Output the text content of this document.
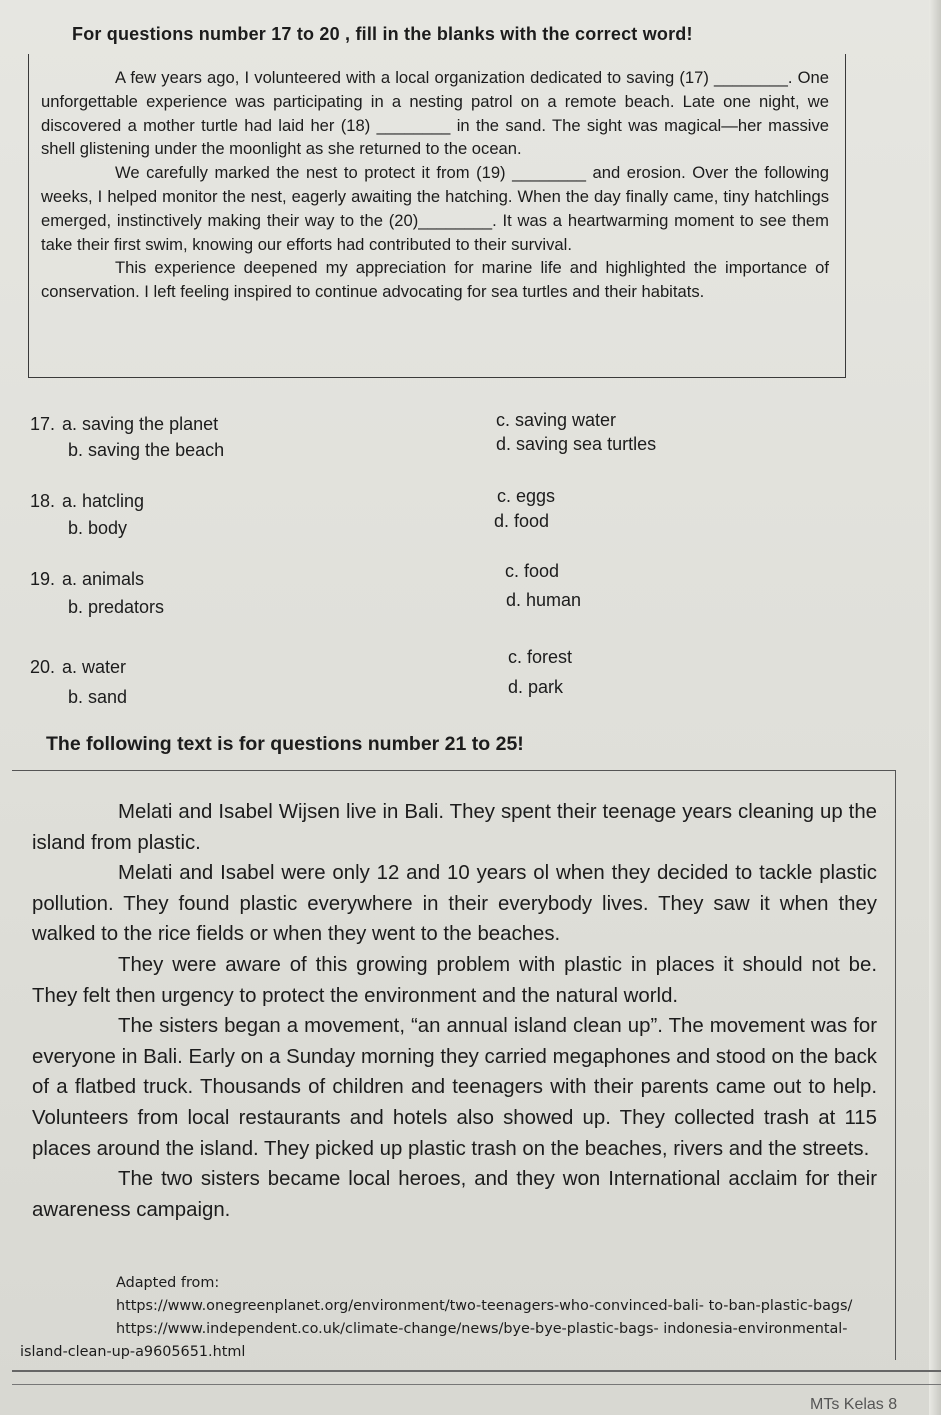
For questions number 17 to 20 , fill in the blanks with the correct word!

A few years ago, I volunteered with a local organization dedicated to saving (17) ________. One unforgettable experience was participating in a nesting patrol on a remote beach. Late one night, we discovered a mother turtle had laid her (18) ________ in the sand. The sight was magical—her massive shell glistening under the moonlight as she returned to the ocean.

We carefully marked the nest to protect it from (19) ________ and erosion. Over the following weeks, I helped monitor the nest, eagerly awaiting the hatching. When the day finally came, tiny hatchlings emerged, instinctively making their way to the (20)________. It was a heartwarming moment to see them take their first swim, knowing our efforts had contributed to their survival.

This experience deepened my appreciation for marine life and highlighted the importance of conservation. I left feeling inspired to continue advocating for sea turtles and their habitats.

17. a. saving the planet
b. saving the beach
c. saving water
d. saving sea turtles
18. a. hatcling
b. body
c. eggs
d. food
19. a. animals
b. predators
c. food
d. human
20. a. water
b. sand
c. forest
d. park
The following text is for questions number 21 to 25!

Melati and Isabel Wijsen live in Bali. They spent their teenage years cleaning up the island from plastic.

Melati and Isabel were only 12 and 10 years ol when they decided to tackle plastic pollution. They found plastic everywhere in their everybody lives. They saw it when they walked to the rice fields or when they went to the beaches.

They were aware of this growing problem with plastic in places it should not be. They felt then urgency to protect the environment and the natural world.

The sisters began a movement, “an annual island clean up”. The movement was for everyone in Bali. Early on a Sunday morning they carried megaphones and stood on the back of a flatbed truck. Thousands of children and teenagers with their parents came out to help. Volunteers from local restaurants and hotels also showed up. They collected trash at 115 places around the island. They picked up plastic trash on the beaches, rivers and the streets.

The two sisters became local heroes, and they won International acclaim for their awareness campaign.

Adapted from:
https://www.onegreenplanet.org/environment/two-teenagers-who-convinced-bali- to-ban-plastic-bags/
https://www.independent.co.uk/climate-change/news/bye-bye-plastic-bags- indonesia-environmental-
island-clean-up-a9605651.html
MTs Kelas 8
